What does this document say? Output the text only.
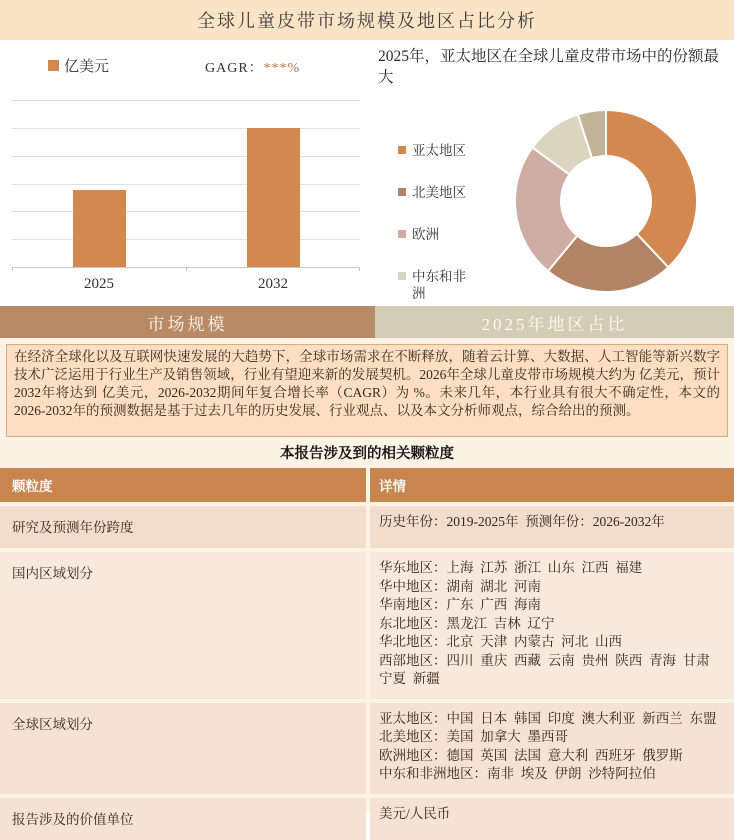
全球儿童皮带市场规模及地区占比分析
亿美元	GAGR：***%
2025	2032
2025年，亚太地区在全球儿童皮带市场中的份额最大
亚太地区
北美地区
欧洲
中东和非洲
市场规模	2025年地区占比
在经济全球化以及互联网快速发展的大趋势下，全球市场需求在不断释放，随着云计算、大数据、人工智能等新兴数字技术广泛运用于行业生产及销售领域，行业有望迎来新的发展契机。2026年全球儿童皮带市场规模大约为 亿美元，预计2032年将达到 亿美元，2026-2032期间年复合增长率（CAGR）为 %。未来几年，本行业具有很大不确定性，本文的2026-2032年的预测数据是基于过去几年的历史发展、行业观点、以及本文分析师观点，综合给出的预测。
本报告涉及到的相关颗粒度
颗粒度	详情
研究及预测年份跨度	历史年份：2019-2025年  预测年份：2026-2032年
国内区域划分	华东地区：上海  江苏  浙江  山东  江西  福建
华中地区：湖南  湖北  河南
华南地区：广东  广西  海南
东北地区：黑龙江  吉林  辽宁
华北地区：北京  天津  内蒙古  河北  山西
西部地区：四川  重庆  西藏  云南  贵州  陕西  青海  甘肃  宁夏  新疆
全球区域划分	亚太地区：中国  日本  韩国  印度  澳大利亚  新西兰  东盟
北美地区：美国  加拿大  墨西哥
欧洲地区：德国  英国  法国  意大利  西班牙  俄罗斯
中东和非洲地区：南非  埃及  伊朗  沙特阿拉伯
报告涉及的价值单位	美元/人民币
